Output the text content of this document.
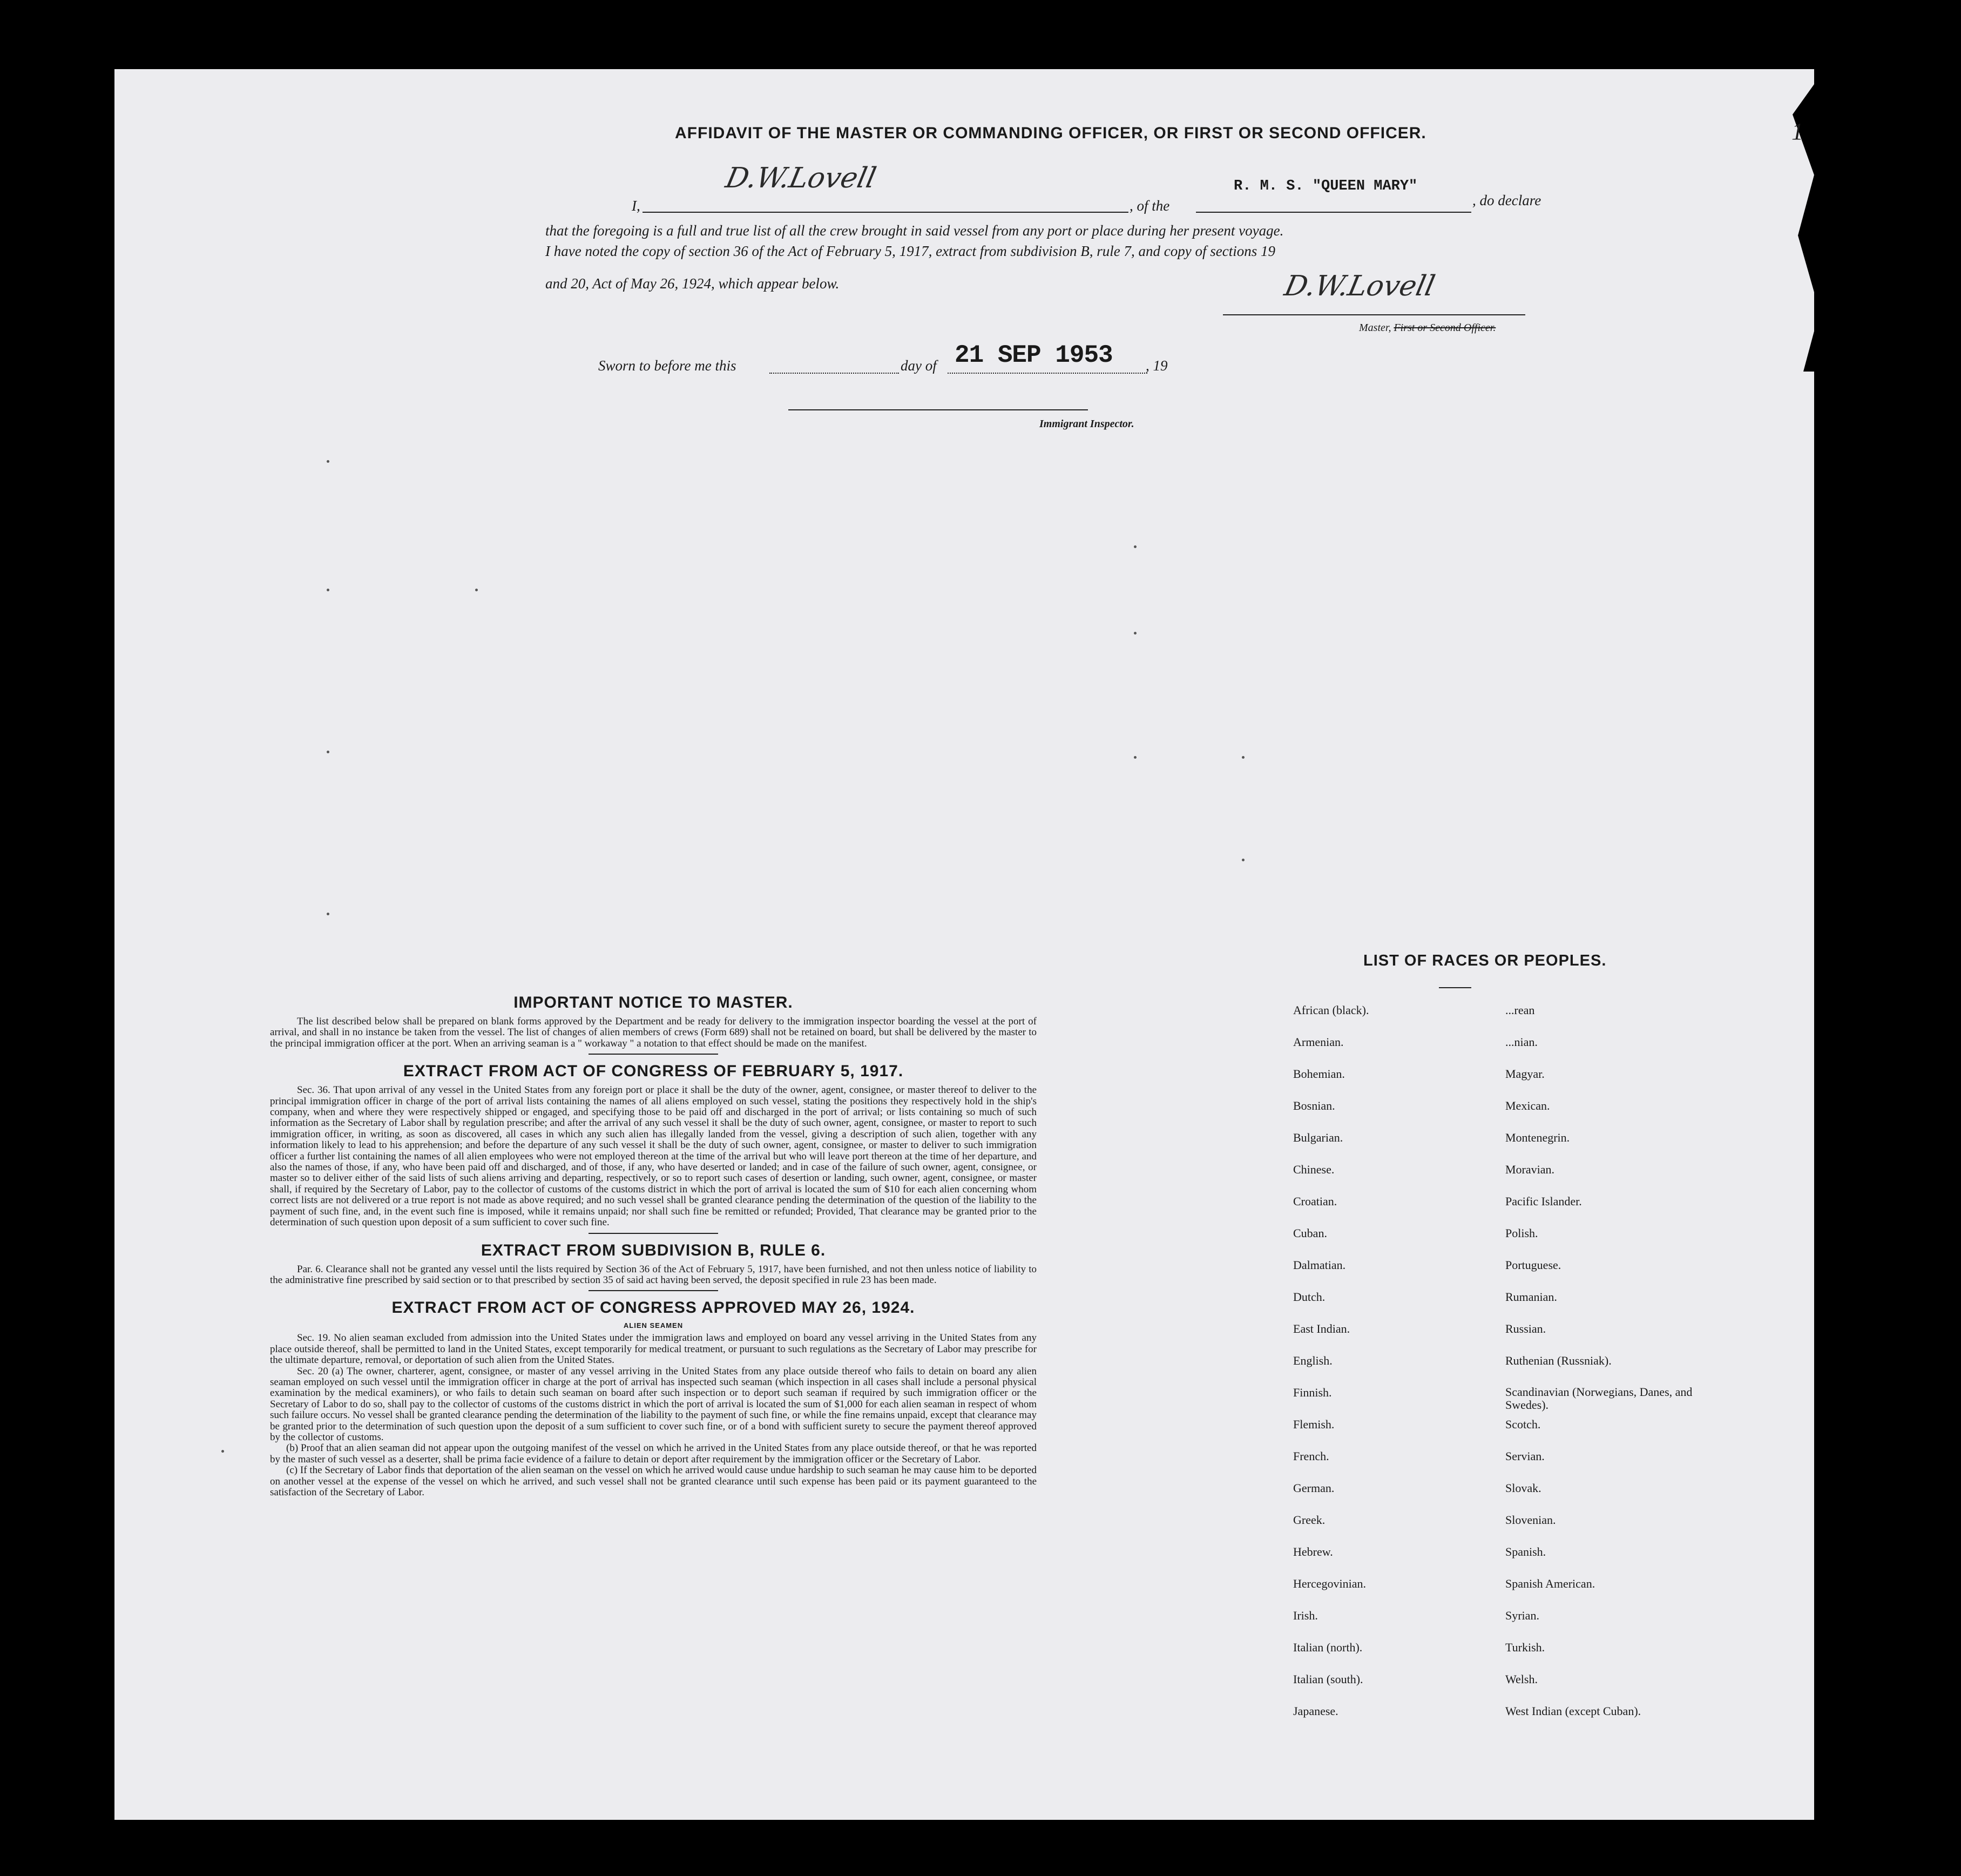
1
AFFIDAVIT OF THE MASTER OR COMMANDING OFFICER, OR FIRST OR SECOND OFFICER.
I,
D.W.Lovell
, of the
R. M. S. "QUEEN MARY"
, do declare
that the foregoing is a full and true list of all the crew brought in said vessel from any port or place during her present voyage.
I have noted the copy of section 36 of the Act of February 5, 1917, extract from subdivision B, rule 7, and copy of sections 19
and 20, Act of May 26, 1924, which appear below.	D.W.Lovell
Master, First or Second Officer.
Sworn to before me this	day of 21 SEP 1953 , 19
Immigrant Inspector.
IMPORTANT NOTICE TO MASTER.

The list described below shall be prepared on blank forms approved by the Department and be ready for delivery to the immigration inspector boarding the vessel at the port of arrival, and shall in no instance be taken from the vessel. The list of changes of alien members of crews (Form 689) shall not be retained on board, but shall be delivered by the master to the principal immigration officer at the port. When an arriving seaman is a " workaway " a notation to that effect should be made on the manifest.

EXTRACT FROM ACT OF CONGRESS OF FEBRUARY 5, 1917.

Sec. 36. That upon arrival of any vessel in the United States from any foreign port or place it shall be the duty of the owner, agent, consignee, or master thereof to deliver to the principal immigration officer in charge of the port of arrival lists containing the names of all aliens employed on such vessel, stating the positions they respectively hold in the ship's company, when and where they were respectively shipped or engaged, and specifying those to be paid off and discharged in the port of arrival; or lists containing so much of such information as the Secretary of Labor shall by regulation prescribe; and after the arrival of any such vessel it shall be the duty of such owner, agent, consignee, or master to report to such immigration officer, in writing, as soon as discovered, all cases in which any such alien has illegally landed from the vessel, giving a description of such alien, together with any information likely to lead to his apprehension; and before the departure of any such vessel it shall be the duty of such owner, agent, consignee, or master to deliver to such immigration officer a further list containing the names of all alien employees who were not employed thereon at the time of the arrival but who will leave port thereon at the time of her departure, and also the names of those, if any, who have been paid off and discharged, and of those, if any, who have deserted or landed; and in case of the failure of such owner, agent, consignee, or master so to deliver either of the said lists of such aliens arriving and departing, respectively, or so to report such cases of desertion or landing, such owner, agent, consignee, or master shall, if required by the Secretary of Labor, pay to the collector of customs of the customs district in which the port of arrival is located the sum of $10 for each alien concerning whom correct lists are not delivered or a true report is not made as above required; and no such vessel shall be granted clearance pending the determination of the question of the liability to the payment of such fine, and, in the event such fine is imposed, while it remains unpaid; nor shall such fine be remitted or refunded; Provided, That clearance may be granted prior to the determination of such question upon deposit of a sum sufficient to cover such fine.

EXTRACT FROM SUBDIVISION B, RULE 6.

Par. 6. Clearance shall not be granted any vessel until the lists required by Section 36 of the Act of February 5, 1917, have been furnished, and not then unless notice of liability to the administrative fine prescribed by said section or to that prescribed by section 35 of said act having been served, the deposit specified in rule 23 has been made.

EXTRACT FROM ACT OF CONGRESS APPROVED MAY 26, 1924.
ALIEN SEAMEN

Sec. 19. No alien seaman excluded from admission into the United States under the immigration laws and employed on board any vessel arriving in the United States from any place outside thereof, shall be permitted to land in the United States, except temporarily for medical treatment, or pursuant to such regulations as the Secretary of Labor may prescribe for the ultimate departure, removal, or deportation of such alien from the United States.

Sec. 20 (a) The owner, charterer, agent, consignee, or master of any vessel arriving in the United States from any place outside thereof who fails to detain on board any alien seaman employed on such vessel until the immigration officer in charge at the port of arrival has inspected such seaman (which inspection in all cases shall include a personal physical examination by the medical examiners), or who fails to detain such seaman on board after such inspection or to deport such seaman if required by such immigration officer or the Secretary of Labor to do so, shall pay to the collector of customs of the customs district in which the port of arrival is located the sum of $1,000 for each alien seaman in respect of whom such failure occurs. No vessel shall be granted clearance pending the determination of the liability to the payment of such fine, or while the fine remains unpaid, except that clearance may be granted prior to the determination of such question upon the deposit of a sum sufficient to cover such fine, or of a bond with sufficient surety to secure the payment thereof approved by the collector of customs.

(b) Proof that an alien seaman did not appear upon the outgoing manifest of the vessel on which he arrived in the United States from any place outside thereof, or that he was reported by the master of such vessel as a deserter, shall be prima facie evidence of a failure to detain or deport after requirement by the immigration officer or the Secretary of Labor.

(c) If the Secretary of Labor finds that deportation of the alien seaman on the vessel on which he arrived would cause undue hardship to such seaman he may cause him to be deported on another vessel at the expense of the vessel on which he arrived, and such vessel shall not be granted clearance until such expense has been paid or its payment guaranteed to the satisfaction of the Secretary of Labor.

LIST OF RACES OR PEOPLES.
African (black).
Armenian.
Bohemian.
Bosnian.
Bulgarian.
Chinese.
Croatian.
Cuban.
Dalmatian.
Dutch.
East Indian.
English.
Finnish.
Flemish.
French.
German.
Greek.
Hebrew.
Hercegovinian.
Irish.
Italian (north).
Italian (south).
Japanese.
...rean
...nian.
Magyar.
Mexican.
Montenegrin.
Moravian.
Pacific Islander.
Polish.
Portuguese.
Rumanian.
Russian.
Ruthenian (Russniak).
Scandinavian (Norwegians, Danes, and Swedes).
Scotch.
Servian.
Slovak.
Slovenian.
Spanish.
Spanish American.
Syrian.
Turkish.
Welsh.
West Indian (except Cuban).
